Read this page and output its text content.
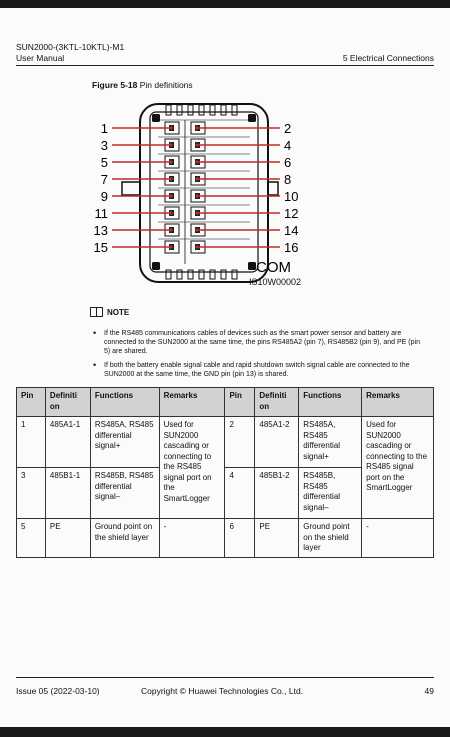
SUN2000-(3KTL-10KTL)-M1
User Manual	5 Electrical Connections
Figure 5-18 Pin definitions
1
3
5
7
9
11
13
15
2
4
6
8
10
12
14
16
COM
IS10W00002
NOTE
• If the RS485 communications cables of devices such as the smart power sensor and battery are connected to the SUN2000 at the same time, the pins RS485A2 (pin 7), RS485B2 (pin 9), and PE (pin 5) are shared.
• If both the battery enable signal cable and rapid shutdown switch signal cable are connected to the SUN2000 at the same time, the GND pin (pin 13) is shared.
Pin	Definiti on	Functions	Remarks	Pin	Definiti on	Functions	Remarks
1	485A1-1	RS485A, RS485 differential signal+	Used for SUN2000 cascading or connecting to the RS485 signal port on the SmartLogger	2	485A1-2	RS485A, RS485 differential signal+	Used for SUN2000 cascading or connecting to the RS485 signal port on the SmartLogger
3	485B1-1	RS485B, RS485 differential signal–		4	485B1-2	RS485B, RS485 differential signal–	
5	PE	Ground point on the shield layer	-	6	PE	Ground point on the shield layer	-
Issue 05 (2022-03-10)	Copyright © Huawei Technologies Co., Ltd.	49
